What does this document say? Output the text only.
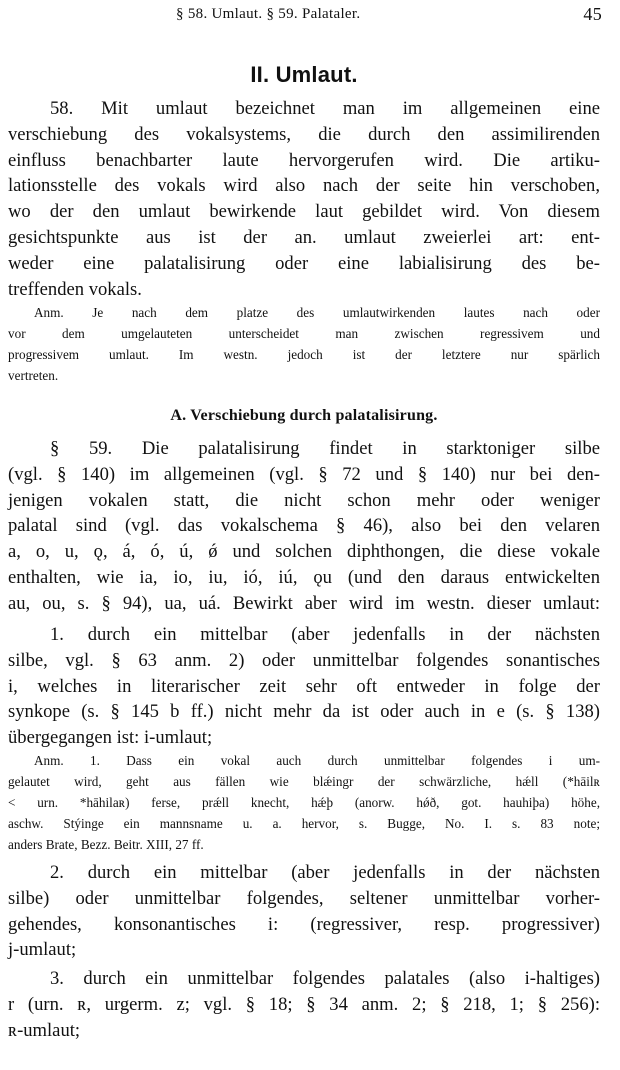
§ 58. Umlaut. § 59. Palataler.	45
II. Umlaut.
58. Mit umlaut bezeichnet man im allgemeinen eine
verschiebung des vokalsystems, die durch den assimilirenden
einfluss benachbarter laute hervorgerufen wird. Die artiku-
lationsstelle des vokals wird also nach der seite hin verschoben,
wo der den umlaut bewirkende laut gebildet wird. Von diesem
gesichtspunkte aus ist der an. umlaut zweierlei art: ent-
weder eine palatalisirung oder eine labialisirung des be-
treffenden vokals.
Anm. Je nach dem platze des umlautwirkenden lautes nach oder
vor dem umgelauteten unterscheidet man zwischen regressivem und
progressivem umlaut. Im westn. jedoch ist der letztere nur spärlich
vertreten.
A. Verschiebung durch palatalisirung.
§ 59. Die palatalisirung findet in starktoniger silbe
(vgl. § 140) im allgemeinen (vgl. § 72 und § 140) nur bei den-
jenigen vokalen statt, die nicht schon mehr oder weniger
palatal sind (vgl. das vokalschema § 46), also bei den velaren
a, o, u, ǫ, á, ó, ú, ǿ und solchen diphthongen, die diese vokale
enthalten, wie ia, io, iu, ió, iú, ǫu (und den daraus entwickelten
au, ou, s. § 94), ua, uá. Bewirkt aber wird im westn. dieser umlaut:
1. durch ein mittelbar (aber jedenfalls in der nächsten
silbe, vgl. § 63 anm. 2) oder unmittelbar folgendes sonantisches
i, welches in literarischer zeit sehr oft entweder in folge der
synkope (s. § 145 b ff.) nicht mehr da ist oder auch in e (s. § 138)
übergegangen ist: i-umlaut;
Anm. 1. Dass ein vokal auch durch unmittelbar folgendes i um-
gelautet wird, geht aus fällen wie blǽingr der schwärzliche, hǽll (*hāilʀ
< urn. *hāhilaʀ) ferse, prǽll knecht, hǽþ (anorw. hǿð, got. hauhiþa) höhe,
aschw. Stýinge ein mannsname u. a. hervor, s. Bugge, No. I. s. 83 note;
anders Brate, Bezz. Beitr. XIII, 27 ff.
2. durch ein mittelbar (aber jedenfalls in der nächsten
silbe) oder unmittelbar folgendes, seltener unmittelbar vorher-
gehendes, konsonantisches i: (regressiver, resp. progressiver)
j-umlaut;
3. durch ein unmittelbar folgendes palatales (also i-haltiges)
r (urn. ʀ, urgerm. z; vgl. § 18; § 34 anm. 2; § 218, 1; § 256):
ʀ-umlaut;
